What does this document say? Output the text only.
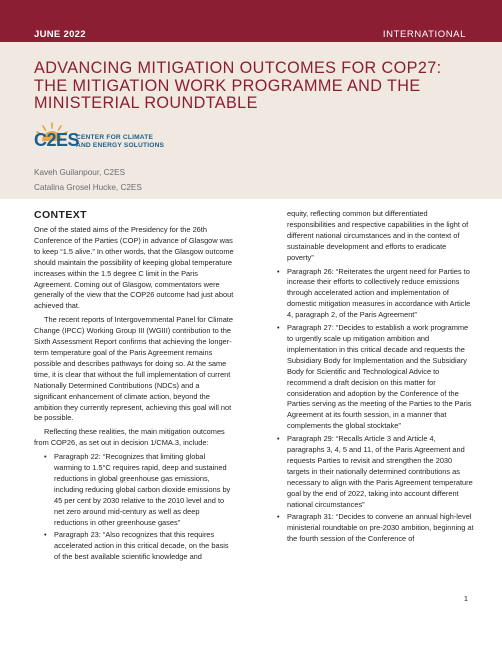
JUNE 2022	INTERNATIONAL
ADVANCING MITIGATION OUTCOMES FOR COP27: THE MITIGATION WORK PROGRAMME AND THE MINISTERIAL ROUNDTABLE
C2ES
CENTER FOR CLIMATE
AND ENERGY SOLUTIONS
Kaveh Guilanpour, C2ES
Catalina Grosel Hucke, C2ES
CONTEXT

One of the stated aims of the Presidency for the 26th Conference of the Parties (COP) in advance of Glasgow was to keep “1.5 alive.” In other words, that the Glasgow outcome should maintain the possibility of keeping global temperature increases within the 1.5 degree C limit in the Paris Agreement. Coming out of Glasgow, commentators were generally of the view that the COP26 outcome had just about achieved that.

The recent reports of Intergovernmental Panel for Climate Change (IPCC) Working Group III (WGIII) contribution to the Sixth Assessment Report confirms that achieving the longer-term temperature goal of the Paris Agreement remains possible and describes pathways for doing so. At the same time, it is clear that without the full implementation of current Nationally Determined Contributions (NDCs) and a significant enhancement of climate action, beyond the ambition they currently represent, achieving this goal will not be possible.

Reflecting these realities, the main mitigation outcomes from COP26, as set out in decision 1/CMA.3, include:

• Paragraph 22: “Recognizes that limiting global warming to 1.5°C requires rapid, deep and sustained reductions in global greenhouse gas emissions, including reducing global carbon dioxide emissions by 45 per cent by 2030 relative to the 2010 level and to net zero around mid-century as well as deep reductions in other greenhouse gases”
• Paragraph 23: “Also recognizes that this requires accelerated action in this critical decade, on the basis of the best available scientific knowledge and

equity, reflecting common but differentiated responsibilities and respective capabilities in the light of different national circumstances and in the context of sustainable development and efforts to eradicate poverty”

• Paragraph 26: “Reiterates the urgent need for Parties to increase their efforts to collectively reduce emissions through accelerated action and implementation of domestic mitigation measures in accordance with Article 4, paragraph 2, of the Paris Agreement”
• Paragraph 27: “Decides to establish a work programme to urgently scale up mitigation ambition and implementation in this critical decade and requests the Subsidiary Body for Implementation and the Subsidiary Body for Scientific and Technological Advice to recommend a draft decision on this matter for consideration and adoption by the Conference of the Parties serving as the meeting of the Parties to the Paris Agreement at its fourth session, in a manner that complements the global stocktake”
• Paragraph 29: “Recalls Article 3 and Article 4, paragraphs 3, 4, 5 and 11, of the Paris Agreement and requests Parties to revisit and strengthen the 2030 targets in their nationally determined contributions as necessary to align with the Paris Agreement temperature goal by the end of 2022, taking into account different national circumstances”
• Paragraph 31: “Decides to convene an annual high-level ministerial roundtable on pre-2030 ambition, beginning at the fourth session of the Conference of
1
